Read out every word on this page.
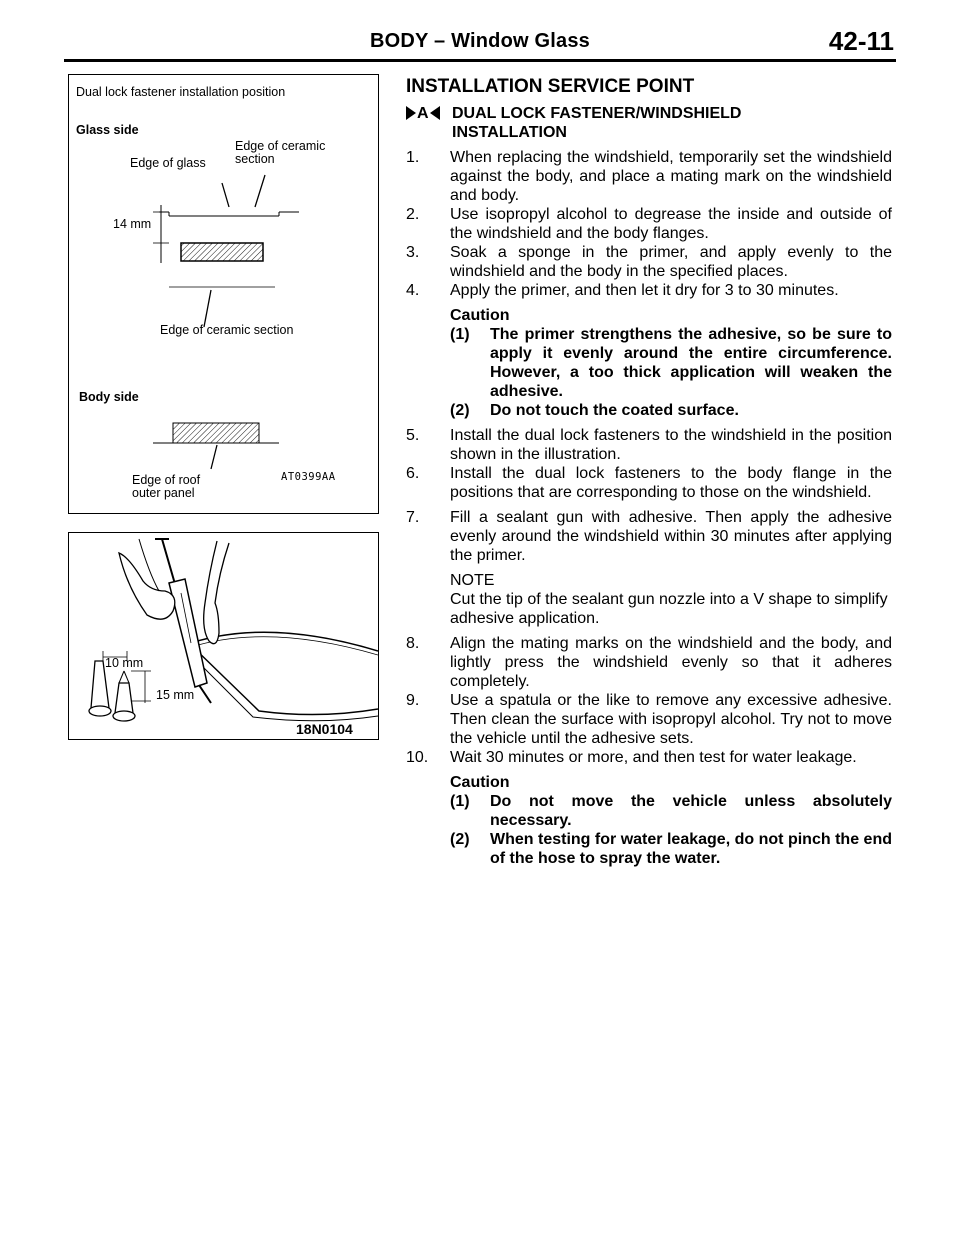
BODY – Window Glass	42-11
Dual lock fastener installation position
Glass side
Edge of ceramic
section
Edge of glass
14 mm
Edge of ceramic section
Body side
Edge of roof
outer panel
AT0399AA
10 mm
15 mm
18N0104
INSTALLATION SERVICE POINT
A DUAL LOCK FASTENER/WINDSHIELD
INSTALLATION
1.	When replacing the windshield, temporarily set the windshield against the body, and place a mating mark on the windshield and body.
2.	Use isopropyl alcohol to degrease the inside and outside of the windshield and the body flanges.
3.	Soak a sponge in the primer, and apply evenly to the windshield and the body in the specified places.
4.	Apply the primer, and then let it dry for 3 to 30 minutes.
Caution
(1)	The primer strengthens the adhesive, so be sure to apply it evenly around the entire circumference. However, a too thick application will weaken the adhesive.
(2)	Do not touch the coated surface.
5.	Install the dual lock fasteners to the windshield in the position shown in the illustration.
6.	Install the dual lock fasteners to the body flange in the positions that are corresponding to those on the windshield.
7.	Fill a sealant gun with adhesive. Then apply the adhesive evenly around the windshield within 30 minutes after applying the primer.
NOTE
Cut the tip of the sealant gun nozzle into a V shape to simplify adhesive application.
8.	Align the mating marks on the windshield and the body, and lightly press the windshield evenly so that it adheres completely.
9.	Use a spatula or the like to remove any excessive adhesive. Then clean the surface with isopropyl alcohol. Try not to move the vehicle until the adhesive sets.
10.	Wait 30 minutes or more, and then test for water leakage.
Caution
(1)	Do not move the vehicle unless absolutely necessary.
(2)	When testing for water leakage, do not pinch the end of the hose to spray the water.
